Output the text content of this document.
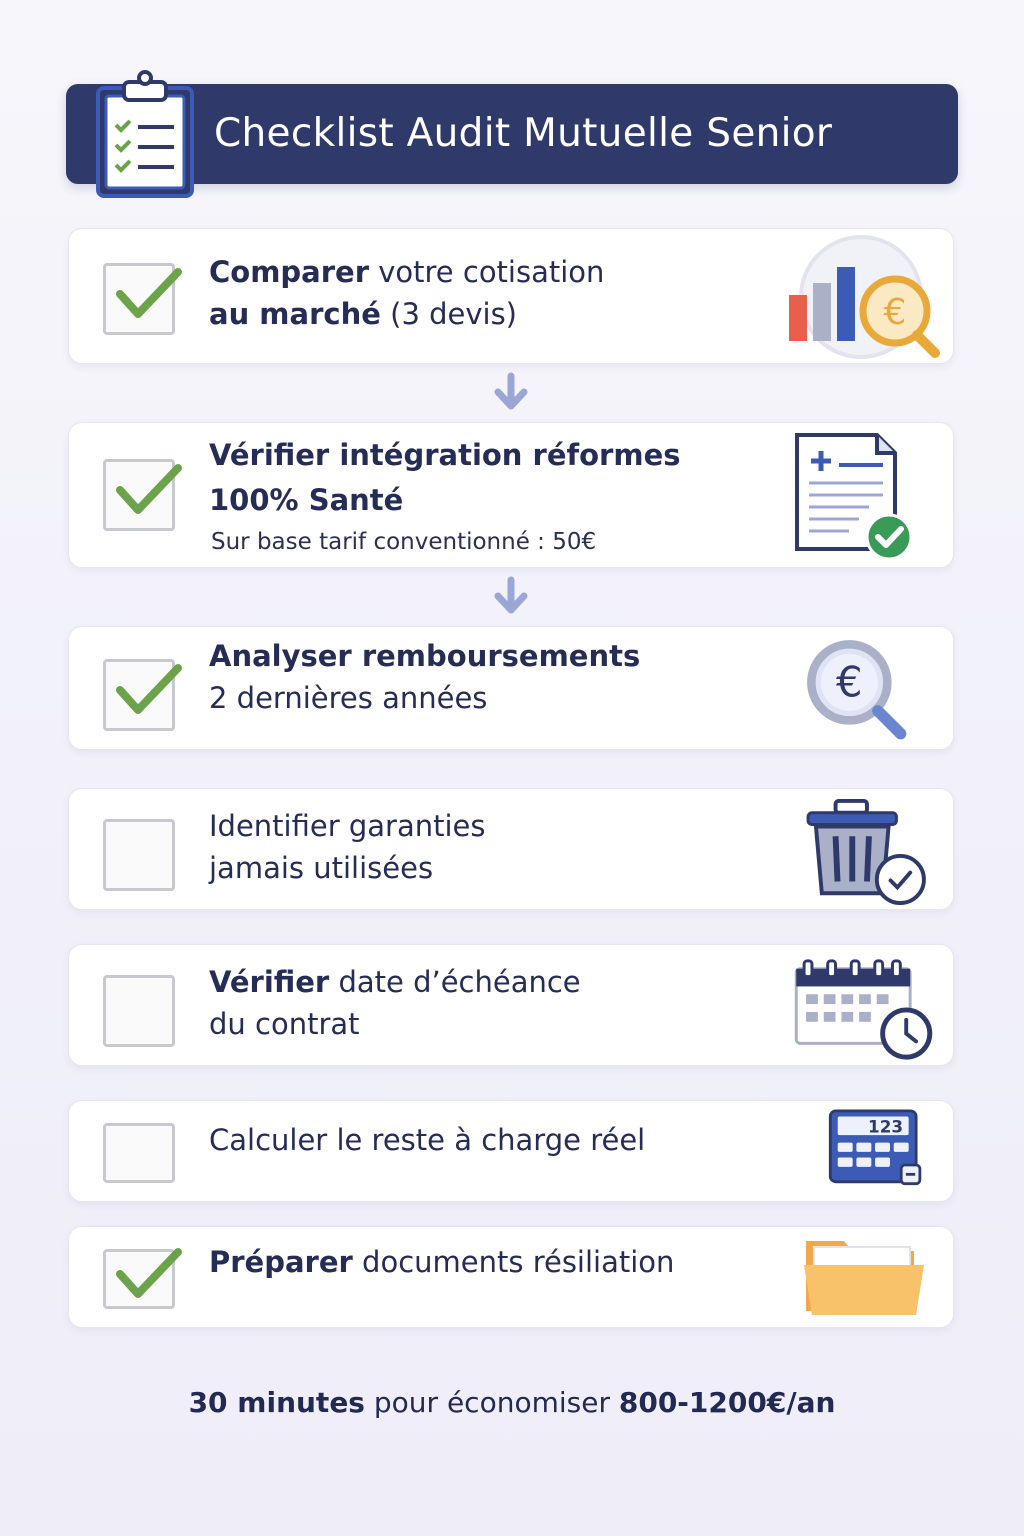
Checklist Audit Mutuelle Senior
Comparer votre cotisation
au marché (3 devis)	€
Vérifier intégration réformes
100% Santé
Sur base tarif conventionné : 50€
Analyser remboursements
2 dernières années	€
Identifier garanties
jamais utilisées
Vérifier date d’échéance
du contrat
Calculer le reste à charge réel	123
Préparer documents résiliation
30 minutes pour économiser 800-1200€/an
